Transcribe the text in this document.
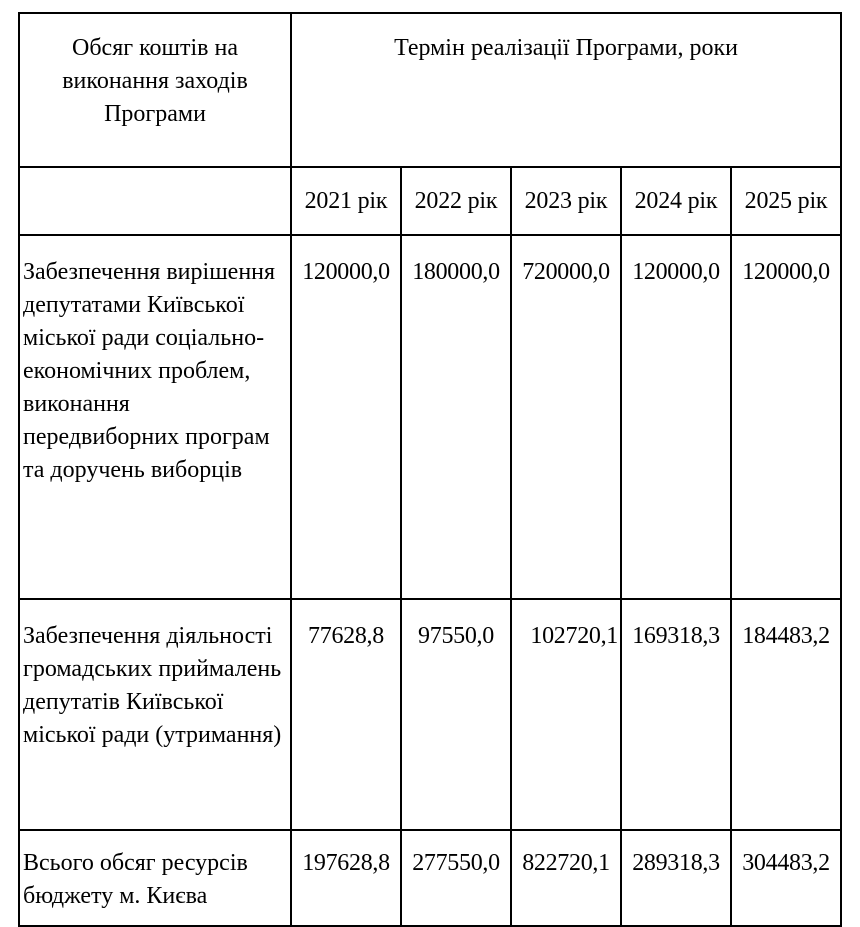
Обсяг коштів на виконання заходів Програми	Термін реалізації Програми, роки				
	2021 рік	2022 рік	2023 рік	2024 рік	2025 рік
Забезпечення вирішення депутатами Київської міської ради соціально-економічних проблем, виконання передвиборних програм та доручень виборців	120000,0	180000,0	720000,0	120000,0	120000,0
Забезпечення діяльності громадських приймалень депутатів Київської міської ради (утримання)	77628,8	97550,0	102720,1	169318,3	184483,2
Всього обсяг ресурсів бюджету м. Києва	197628,8	277550,0	822720,1	289318,3	304483,2
